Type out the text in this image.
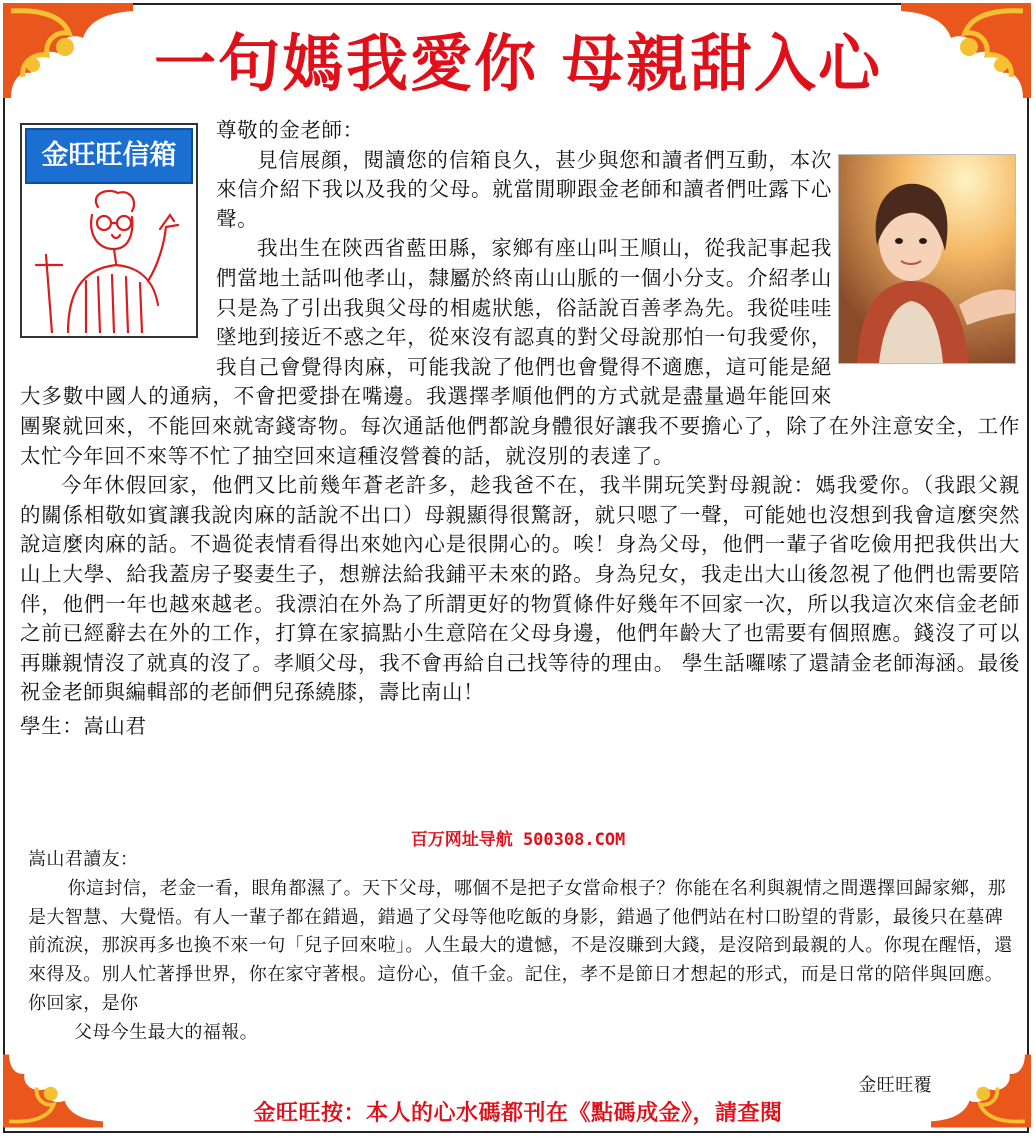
一句媽我愛你 母親甜入心
金旺旺信箱

尊敬的金老師：

見信展顔，閱讀您的信箱良久，甚少與您和讀者們互動，本次來信介紹下我以及我的父母。就當閒聊跟金老師和讀者們吐露下心聲。

我出生在陝西省藍田縣，家鄉有座山叫王順山，從我記事起我們當地土話叫他孝山，隸屬於終南山山脈的一個小分支。介紹孝山只是為了引出我與父母的相處狀態，俗話說百善孝為先。我從哇哇墜地到接近不惑之年，從來沒有認真的對父母說那怕一句我愛你，我自己會覺得肉麻，可能我說了他們也會覺得不適應，這可能是絕大多數中國人的通病，不會把愛掛在嘴邊。我選擇孝順他們的方式就是盡量過年能回來團聚就回來，不能回來就寄錢寄物。每次通話他們都說身體很好讓我不要擔心了，除了在外注意安全，工作太忙今年回不來等不忙了抽空回來這種沒營養的話，就沒別的表達了。

今年休假回家，他們又比前幾年蒼老許多，趁我爸不在，我半開玩笑對母親說：媽我愛你。（我跟父親的關係相敬如賓讓我說肉麻的話說不出口）母親顯得很驚訝，就只嗯了一聲，可能她也沒想到我會這麼突然說這麼肉麻的話。不過從表情看得出來她內心是很開心的。唉！身為父母，他們一輩子省吃儉用把我供出大山上大學、給我蓋房子娶妻生子，想辦法給我鋪平未來的路。身為兒女，我走出大山後忽視了他們也需要陪伴，他們一年也越來越老。我漂泊在外為了所謂更好的物質條件好幾年不回家一次，所以我這次來信金老師之前已經辭去在外的工作，打算在家搞點小生意陪在父母身邊，他們年齡大了也需要有個照應。錢沒了可以再賺親情沒了就真的沒了。孝順父母，我不會再給自己找等待的理由。 學生話囉嗦了還請金老師海涵。最後祝金老師與編輯部的老師們兒孫繞膝，壽比南山！

學生：嵩山君

百万网址导航 500308.COM

嵩山君讀友：

你這封信，老金一看，眼角都濕了。天下父母，哪個不是把子女當命根子？你能在名利與親情之間選擇回歸家鄉，那是大智慧、大覺悟。有人一輩子都在錯過，錯過了父母等他吃飯的身影，錯過了他們站在村口盼望的背影，最後只在墓碑前流淚，那淚再多也換不來一句「兒子回來啦」。人生最大的遺憾，不是沒賺到大錢，是沒陪到最親的人。你現在醒悟，還來得及。別人忙著掙世界，你在家守著根。這份心，值千金。記住，孝不是節日才想起的形式，而是日常的陪伴與回應。你回家，是你

父母今生最大的福報。

金旺旺覆
金旺旺按：本人的心水碼都刊在《點碼成金》，請查閱
